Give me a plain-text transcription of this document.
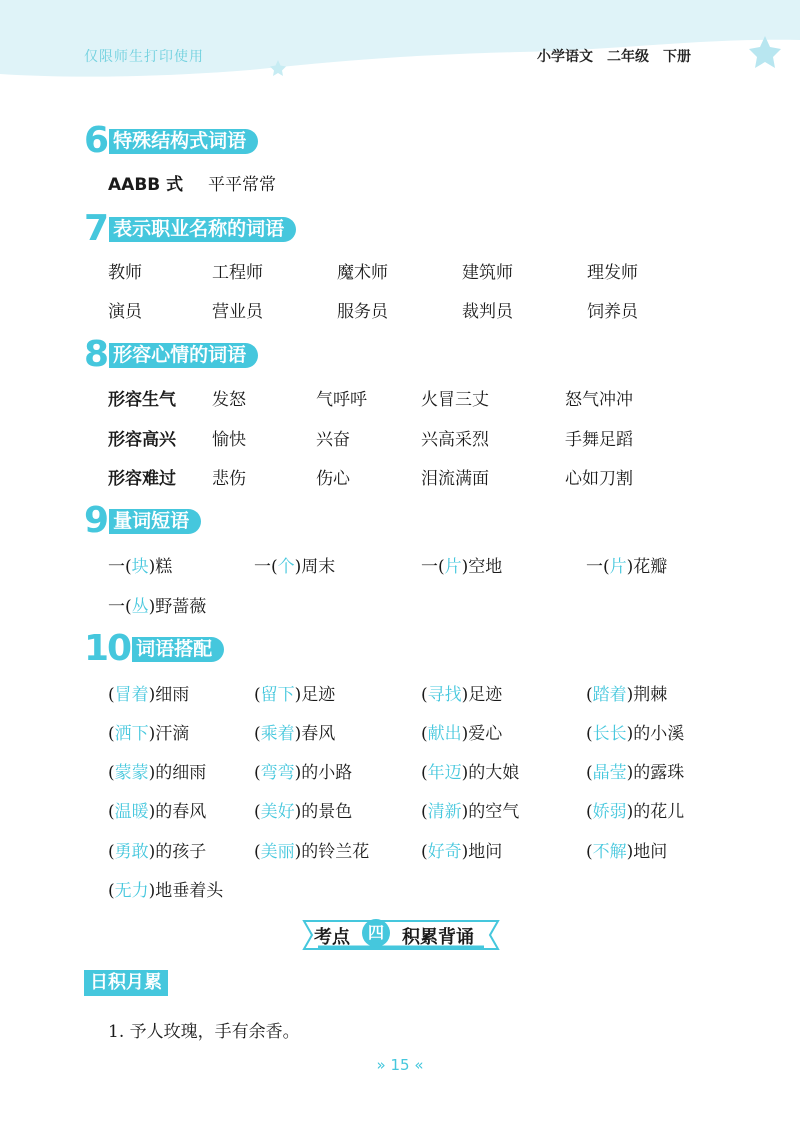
仅限师生打印使用	小学语文　二年级　下册
6 特殊结构式词语
AABB 式 平平常常
7 表示职业名称的词语
教师	工程师	魔术师	建筑师	理发师
演员	营业员	服务员	裁判员	饲养员
8 形容心情的词语
形容生气 发怒	气呼呼	火冒三丈	怒气冲冲
形容高兴 愉快	兴奋	兴高采烈	手舞足蹈
形容难过 悲伤	伤心	泪流满面	心如刀割
9 量词短语
一(块)糕	一(个)周末	一(片)空地	一(片)花瓣
一(丛)野蔷薇
10 词语搭配
(冒着)细雨	(留下)足迹	(寻找)足迹	(踏着)荆棘
(洒下)汗滴	(乘着)春风	(献出)爱心	(长长)的小溪
(蒙蒙)的细雨	(弯弯)的小路	(年迈)的大娘	(晶莹)的露珠
(温暖)的春风	(美好)的景色	(清新)的空气	(娇弱)的花儿
(勇敢)的孩子	(美丽)的铃兰花	(好奇)地问	(不解)地问
(无力)地垂着头
考点	四	积累背诵
日积月累
1. 予人玫瑰，手有余香。
» 15 «
